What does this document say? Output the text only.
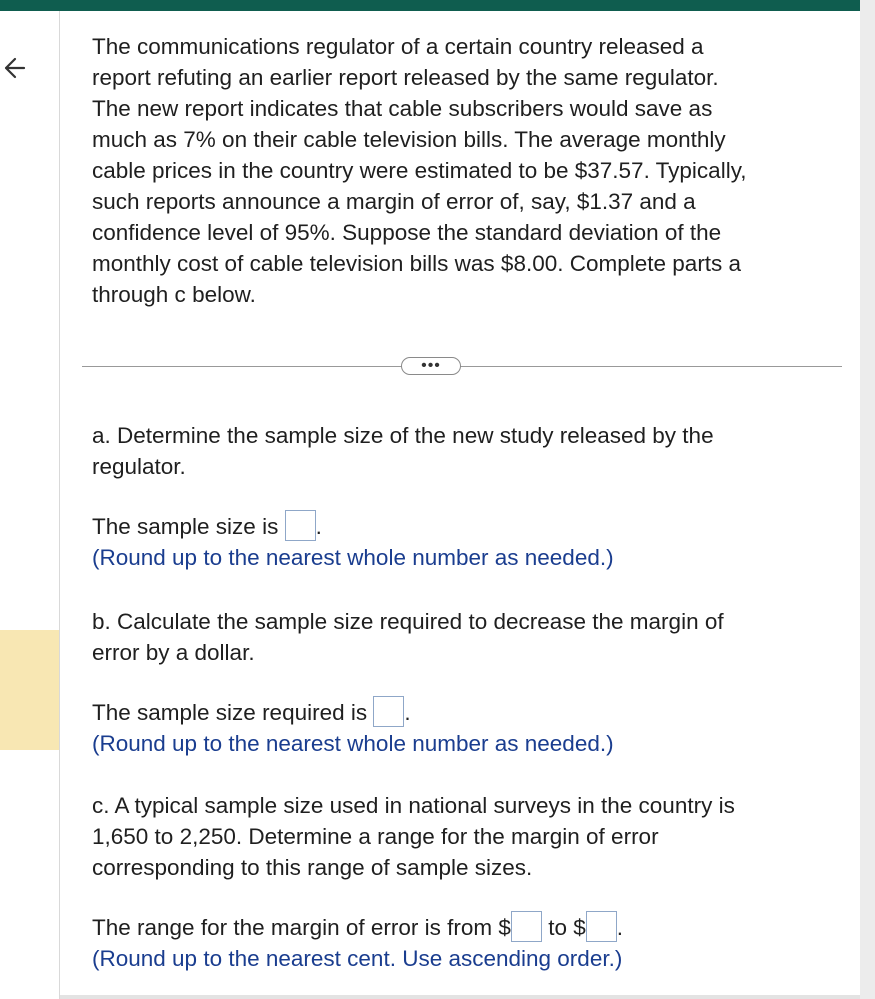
The communications regulator of a certain country released a

report refuting an earlier report released by the same regulator.

The new report indicates that cable subscribers would save as

much as 7% on their cable television bills. The average monthly

cable prices in the country were estimated to be $37.57. Typically,

such reports announce a margin of error of, say, $1.37 and a

confidence level of 95%. Suppose the standard deviation of the

monthly cost of cable television bills was $8.00. Complete parts a

through c below.

•••

a. Determine the sample size of the new study released by the

regulator.

The sample size is .

(Round up to the nearest whole number as needed.)

b. Calculate the sample size required to decrease the margin of

error by a dollar.

The sample size required is .

(Round up to the nearest whole number as needed.)

c. A typical sample size used in national surveys in the country is

1,650 to 2,250. Determine a range for the margin of error

corresponding to this range of sample sizes.

The range for the margin of error is from $ to $ .

(Round up to the nearest cent. Use ascending order.)
